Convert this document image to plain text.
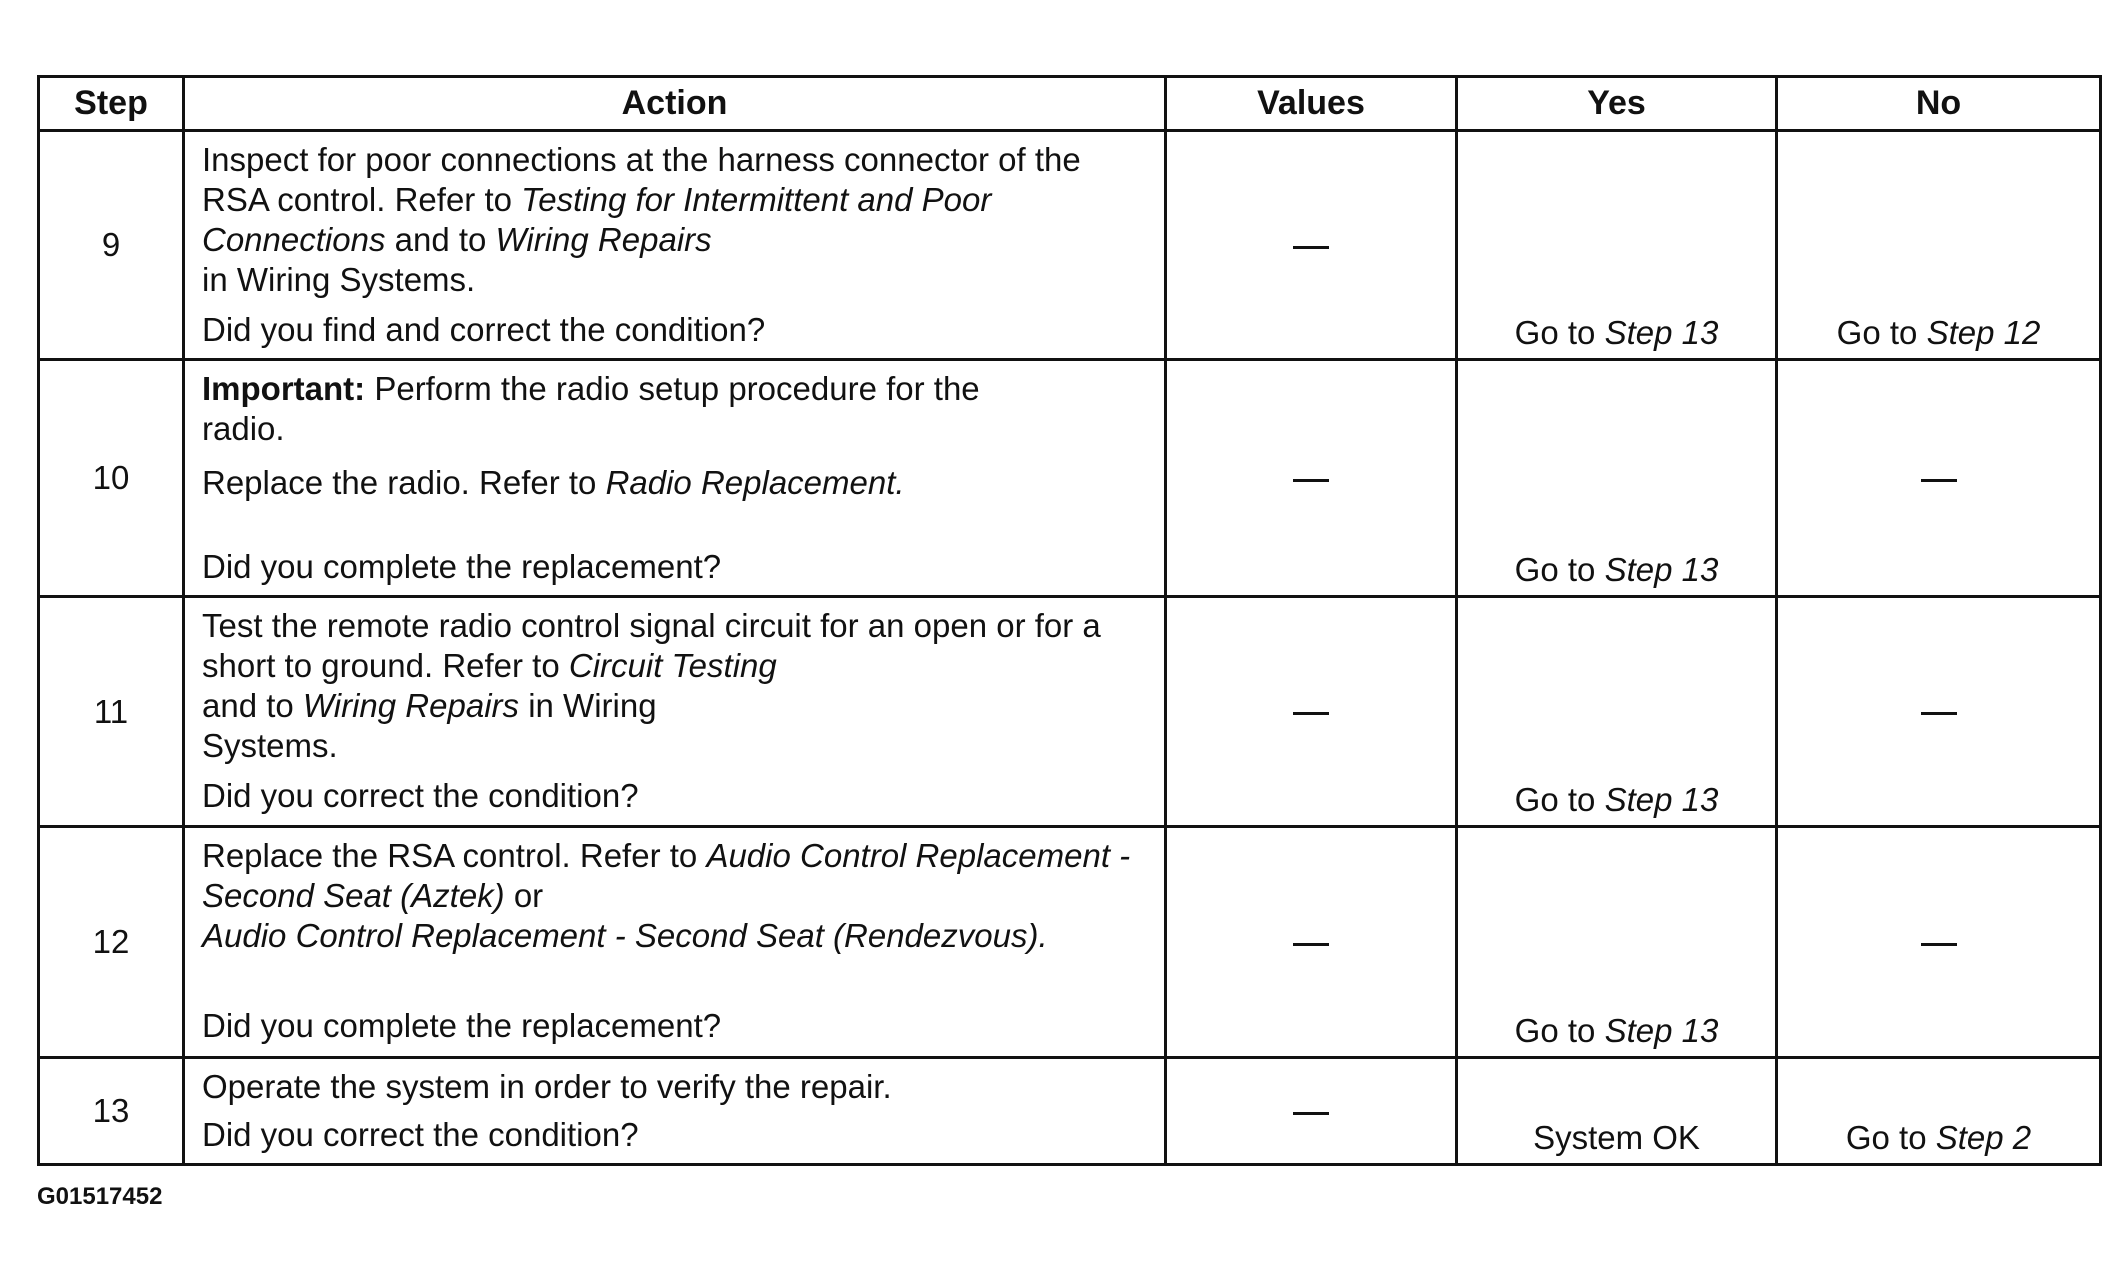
Step	Action	Values	Yes	No
9	Inspect for poor connections at the harness connector of the RSA control. Refer to Testing for Intermittent and Poor Connections and to Wiring Repairs
in Wiring Systems.
Did you find and correct the condition?		Go to Step 13	Go to Step 12
10	Important: Perform the radio setup procedure for the radio.
Replace the radio. Refer to Radio Replacement.
Did you complete the replacement?		Go to Step 13	
11	Test the remote radio control signal circuit for an open or for a short to ground. Refer to Circuit Testing

and to Wiring Repairs in Wiring Systems.
Did you correct the condition?		Go to Step 13	
12	Replace the RSA control. Refer to Audio Control Replacement - Second Seat (Aztek) or
Audio Control Replacement - Second Seat (Rendezvous).
Did you complete the replacement?		Go to Step 13	
13	Operate the system in order to verify the repair.
Did you correct the condition?		System OK	Go to Step 2
G01517452
